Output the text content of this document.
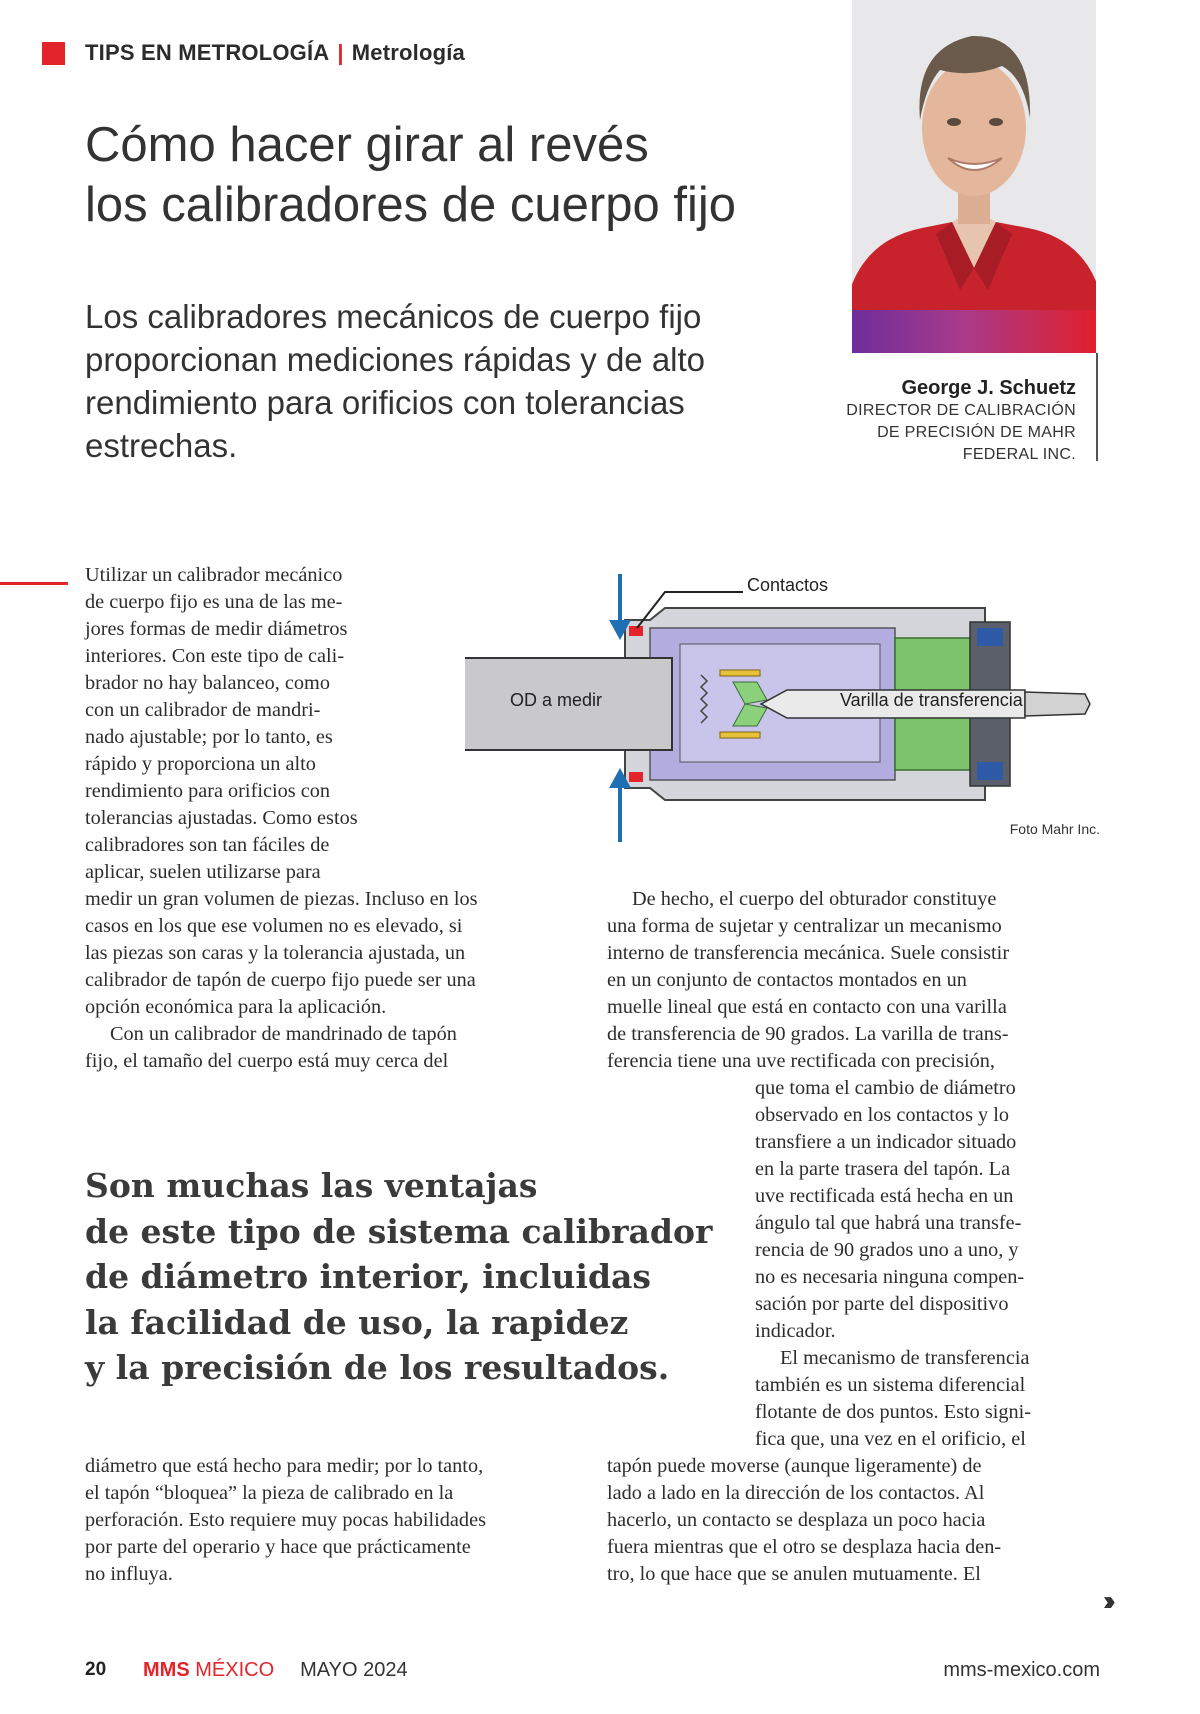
TIPS EN METROLOGÍA | Metrología
Cómo hacer girar al revés
los calibradores de cuerpo fijo
Los calibradores mecánicos de cuerpo fijo
proporcionan mediciones rápidas y de alto
rendimiento para orificios con tolerancias
estrechas.
George J. Schuetz
DIRECTOR DE CALIBRACIÓN
DE PRECISIÓN DE MAHR
FEDERAL INC.
Utilizar un calibrador mecánico
de cuerpo fijo es una de las me-
jores formas de medir diámetros
interiores. Con este tipo de cali-
brador no hay balanceo, como
con un calibrador de mandri-
nado ajustable; por lo tanto, es
rápido y proporciona un alto
rendimiento para orificios con
tolerancias ajustadas. Como estos
calibradores son tan fáciles de
aplicar, suelen utilizarse para
medir un gran volumen de piezas. Incluso en los
casos en los que ese volumen no es elevado, si
las piezas son caras y la tolerancia ajustada, un
calibrador de tapón de cuerpo fijo puede ser una
opción económica para la aplicación.
Con un calibrador de mandrinado de tapón
fijo, el tamaño del cuerpo está muy cerca del
diámetro que está hecho para medir; por lo tanto,
el tapón “bloquea” la pieza de calibrado en la
perforación. Esto requiere muy pocas habilidades
por parte del operario y hace que prácticamente
no influya.
Son muchas las ventajas
de este tipo de sistema calibrador
de diámetro interior, incluidas
la facilidad de uso, la rapidez
y la precisión de los resultados.
De hecho, el cuerpo del obturador constituye
una forma de sujetar y centralizar un mecanismo
interno de transferencia mecánica. Suele consistir
en un conjunto de contactos montados en un
muelle lineal que está en contacto con una varilla
de transferencia de 90 grados. La varilla de trans-
ferencia tiene una uve rectificada con precisión,
que toma el cambio de diámetro
observado en los contactos y lo
transfiere a un indicador situado
en la parte trasera del tapón. La
uve rectificada está hecha en un
ángulo tal que habrá una transfe-
rencia de 90 grados uno a uno, y
no es necesaria ninguna compen-
sación por parte del dispositivo
indicador.
El mecanismo de transferencia
también es un sistema diferencial
flotante de dos puntos. Esto signi-
fica que, una vez en el orificio, el
tapón puede moverse (aunque ligeramente) de
lado a lado en la dirección de los contactos. Al
hacerlo, un contacto se desplaza un poco hacia
fuera mientras que el otro se desplaza hacia den-
tro, lo que hace que se anulen mutuamente. El
››
Contactos
OD a medir	Varilla de transferencia
Foto Mahr Inc.
20 MMS MÉXICO MAYO 2024	mms-mexico.com
